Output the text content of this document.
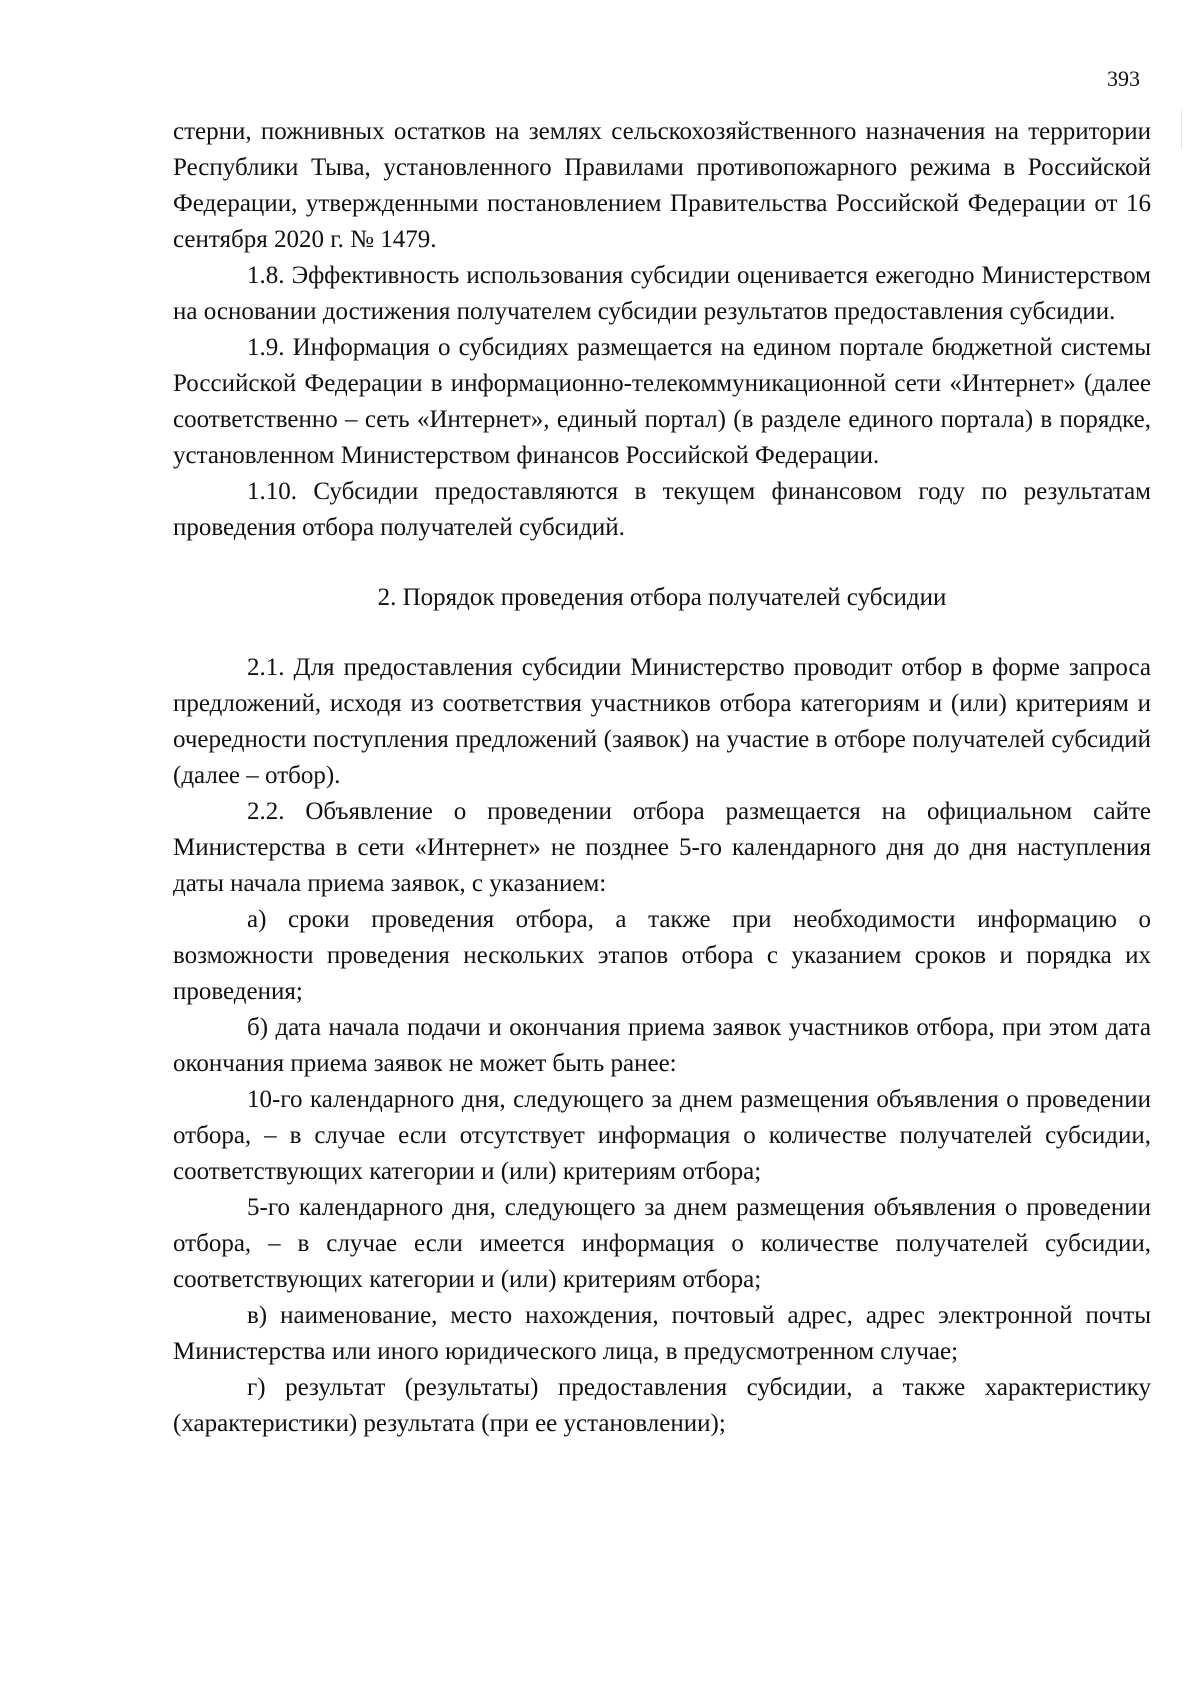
393

стерни, пожнивных остатков на землях сельскохозяйственного назначения на территории Республики Тыва, установленного Правилами противопожарного режима в Российской Федерации, утвержденными постановлением Правительства Российской Федерации от 16 сентября 2020 г. № 1479.

1.8. Эффективность использования субсидии оценивается ежегодно Министерством на основании достижения получателем субсидии результатов предоставления субсидии.

1.9. Информация о субсидиях размещается на едином портале бюджетной системы Российской Федерации в информационно-телекоммуникационной сети «Интернет» (далее соответственно – сеть «Интернет», единый портал) (в разделе единого портала) в порядке, установленном Министерством финансов Российской Федерации.

1.10. Субсидии предоставляются в текущем финансовом году по результатам проведения отбора получателей субсидий.

2. Порядок проведения отбора получателей субсидии

2.1. Для предоставления субсидии Министерство проводит отбор в форме запроса предложений, исходя из соответствия участников отбора категориям и (или) критериям и очередности поступления предложений (заявок) на участие в отборе получателей субсидий (далее – отбор).

2.2. Объявление о проведении отбора размещается на официальном сайте Министерства в сети «Интернет» не позднее 5-го календарного дня до дня наступления даты начала приема заявок, с указанием:

а) сроки проведения отбора, а также при необходимости информацию о возможности проведения нескольких этапов отбора с указанием сроков и порядка их проведения;

б) дата начала подачи и окончания приема заявок участников отбора, при этом дата окончания приема заявок не может быть ранее:

10-го календарного дня, следующего за днем размещения объявления о проведении отбора, – в случае если отсутствует информация о количестве получателей субсидии, соответствующих категории и (или) критериям отбора;

5-го календарного дня, следующего за днем размещения объявления о проведении отбора, – в случае если имеется информация о количестве получателей субсидии, соответствующих категории и (или) критериям отбора;

в) наименование, место нахождения, почтовый адрес, адрес электронной почты Министерства или иного юридического лица, в предусмотренном случае;

г) результат (результаты) предоставления субсидии, а также характеристику (характеристики) результата (при ее установлении);
